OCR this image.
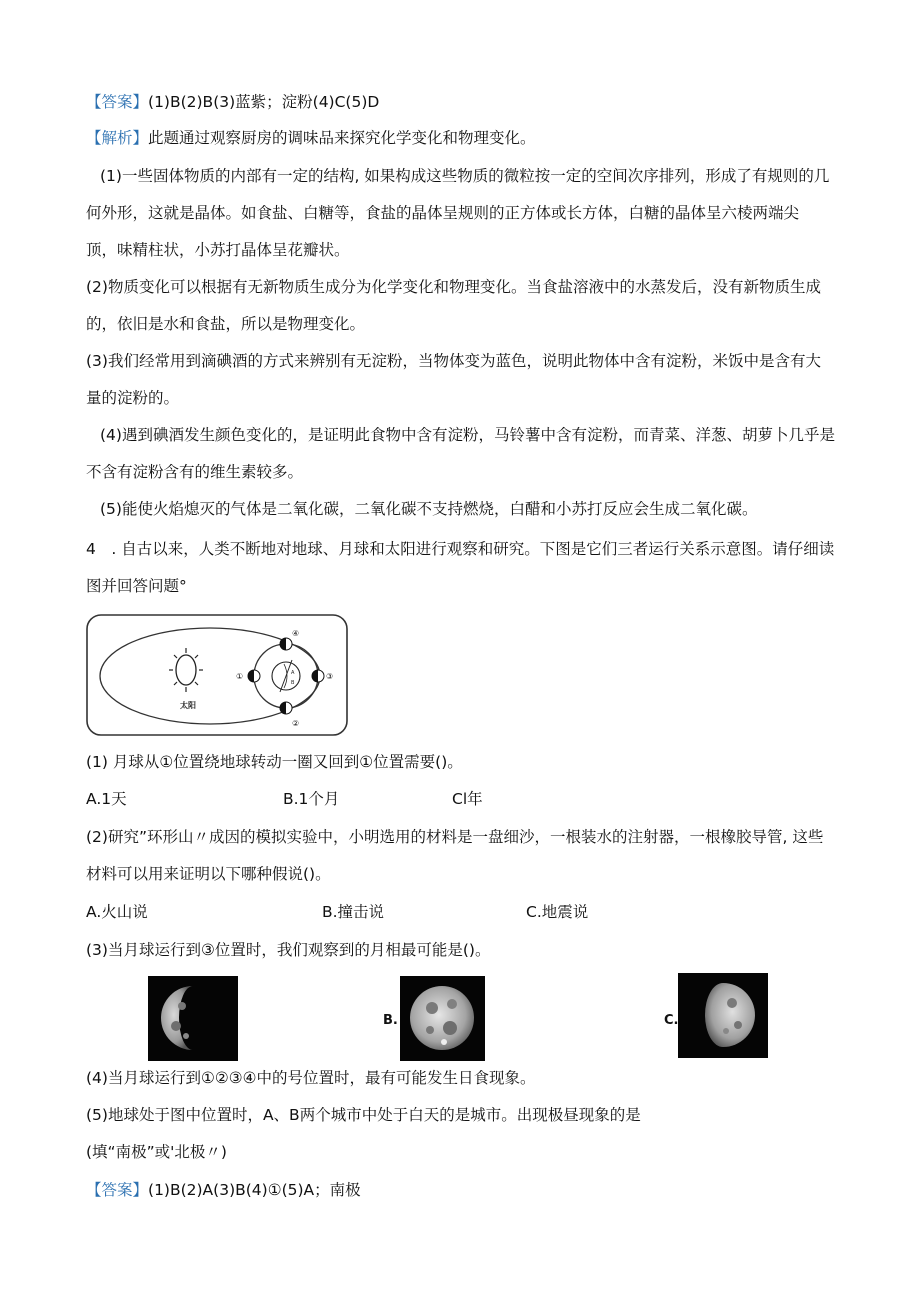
【答案】(1)B(2)B(3)蓝紫；淀粉(4)C(5)D
【解析】此题通过观察厨房的调味品来探究化学变化和物理变化。
(1)一些固体物质的内部有一定的结构, 如果构成这些物质的微粒按一定的空间次序排列，形成了有规则的几
何外形，这就是晶体。如食盐、白糖等，食盐的晶体呈规则的正方体或长方体，白糖的晶体呈六棱两端尖
顶，味精柱状，小苏打晶体呈花瓣状。
(2)物质变化可以根据有无新物质生成分为化学变化和物理变化。当食盐溶液中的水蒸发后，没有新物质生成
的，依旧是水和食盐，所以是物理变化。
(3)我们经常用到滴碘酒的方式来辨别有无淀粉，当物体变为蓝色，说明此物体中含有淀粉，米饭中是含有大
量的淀粉的。
(4)遇到碘酒发生颜色变化的，是证明此食物中含有淀粉，马铃薯中含有淀粉，而青菜、洋葱、胡萝卜几乎是
不含有淀粉含有的维生素较多。
(5)能使火焰熄灭的气体是二氧化碳，二氧化碳不支持燃烧，白醋和小苏打反应会生成二氧化碳。
4　. 自古以来，人类不断地对地球、月球和太阳进行观察和研究。下图是它们三者运行关系示意图。请仔细读
图并回答问题°
太阳
A
B
④
①	③
②
(1) 月球从①位置绕地球转动一圈又回到①位置需要()。
A.1天	B.1个月	Cl年
(2)研究”环形山〃成因的模拟实验中，小明选用的材料是一盘细沙，一根装水的注射器，一根橡胶导管, 这些
材料可以用来证明以下哪种假说()。
A.火山说	B.撞击说	C.地震说
(3)当月球运行到③位置时，我们观察到的月相最可能是()。
B.	C.
(4)当月球运行到①②③④中的号位置时，最有可能发生日食现象。
(5)地球处于图中位置时，A、B两个城市中处于白天的是城市。出现极昼现象的是
(填“南极”或'北极〃)
【答案】(1)B(2)A(3)B(4)①(5)A；南极
